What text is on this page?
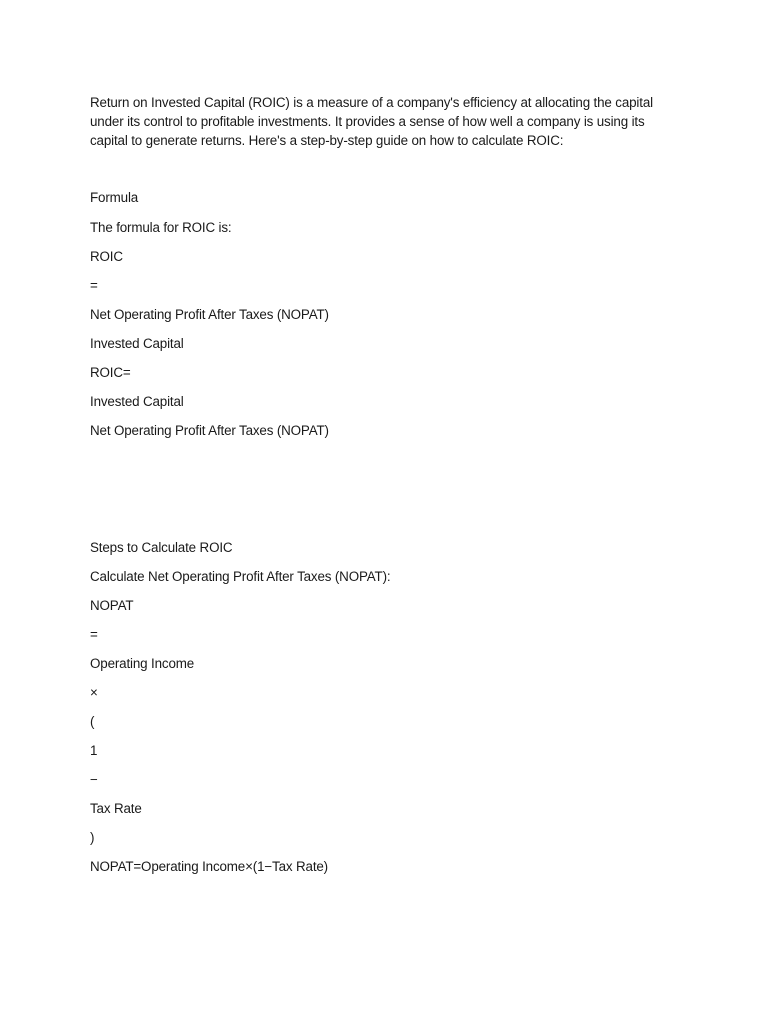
Return on Invested Capital (ROIC) is a measure of a company's efficiency at allocating the capital under its control to profitable investments. It provides a sense of how well a company is using its capital to generate returns. Here's a step-by-step guide on how to calculate ROIC:
Formula
The formula for ROIC is:
ROIC
=
Net Operating Profit After Taxes (NOPAT)
Invested Capital
ROIC=
Invested Capital
Net Operating Profit After Taxes (NOPAT)
Steps to Calculate ROIC
Calculate Net Operating Profit After Taxes (NOPAT):
NOPAT
=
Operating Income
×
(
1
−
Tax Rate
)
NOPAT=Operating Income×(1−Tax Rate)
